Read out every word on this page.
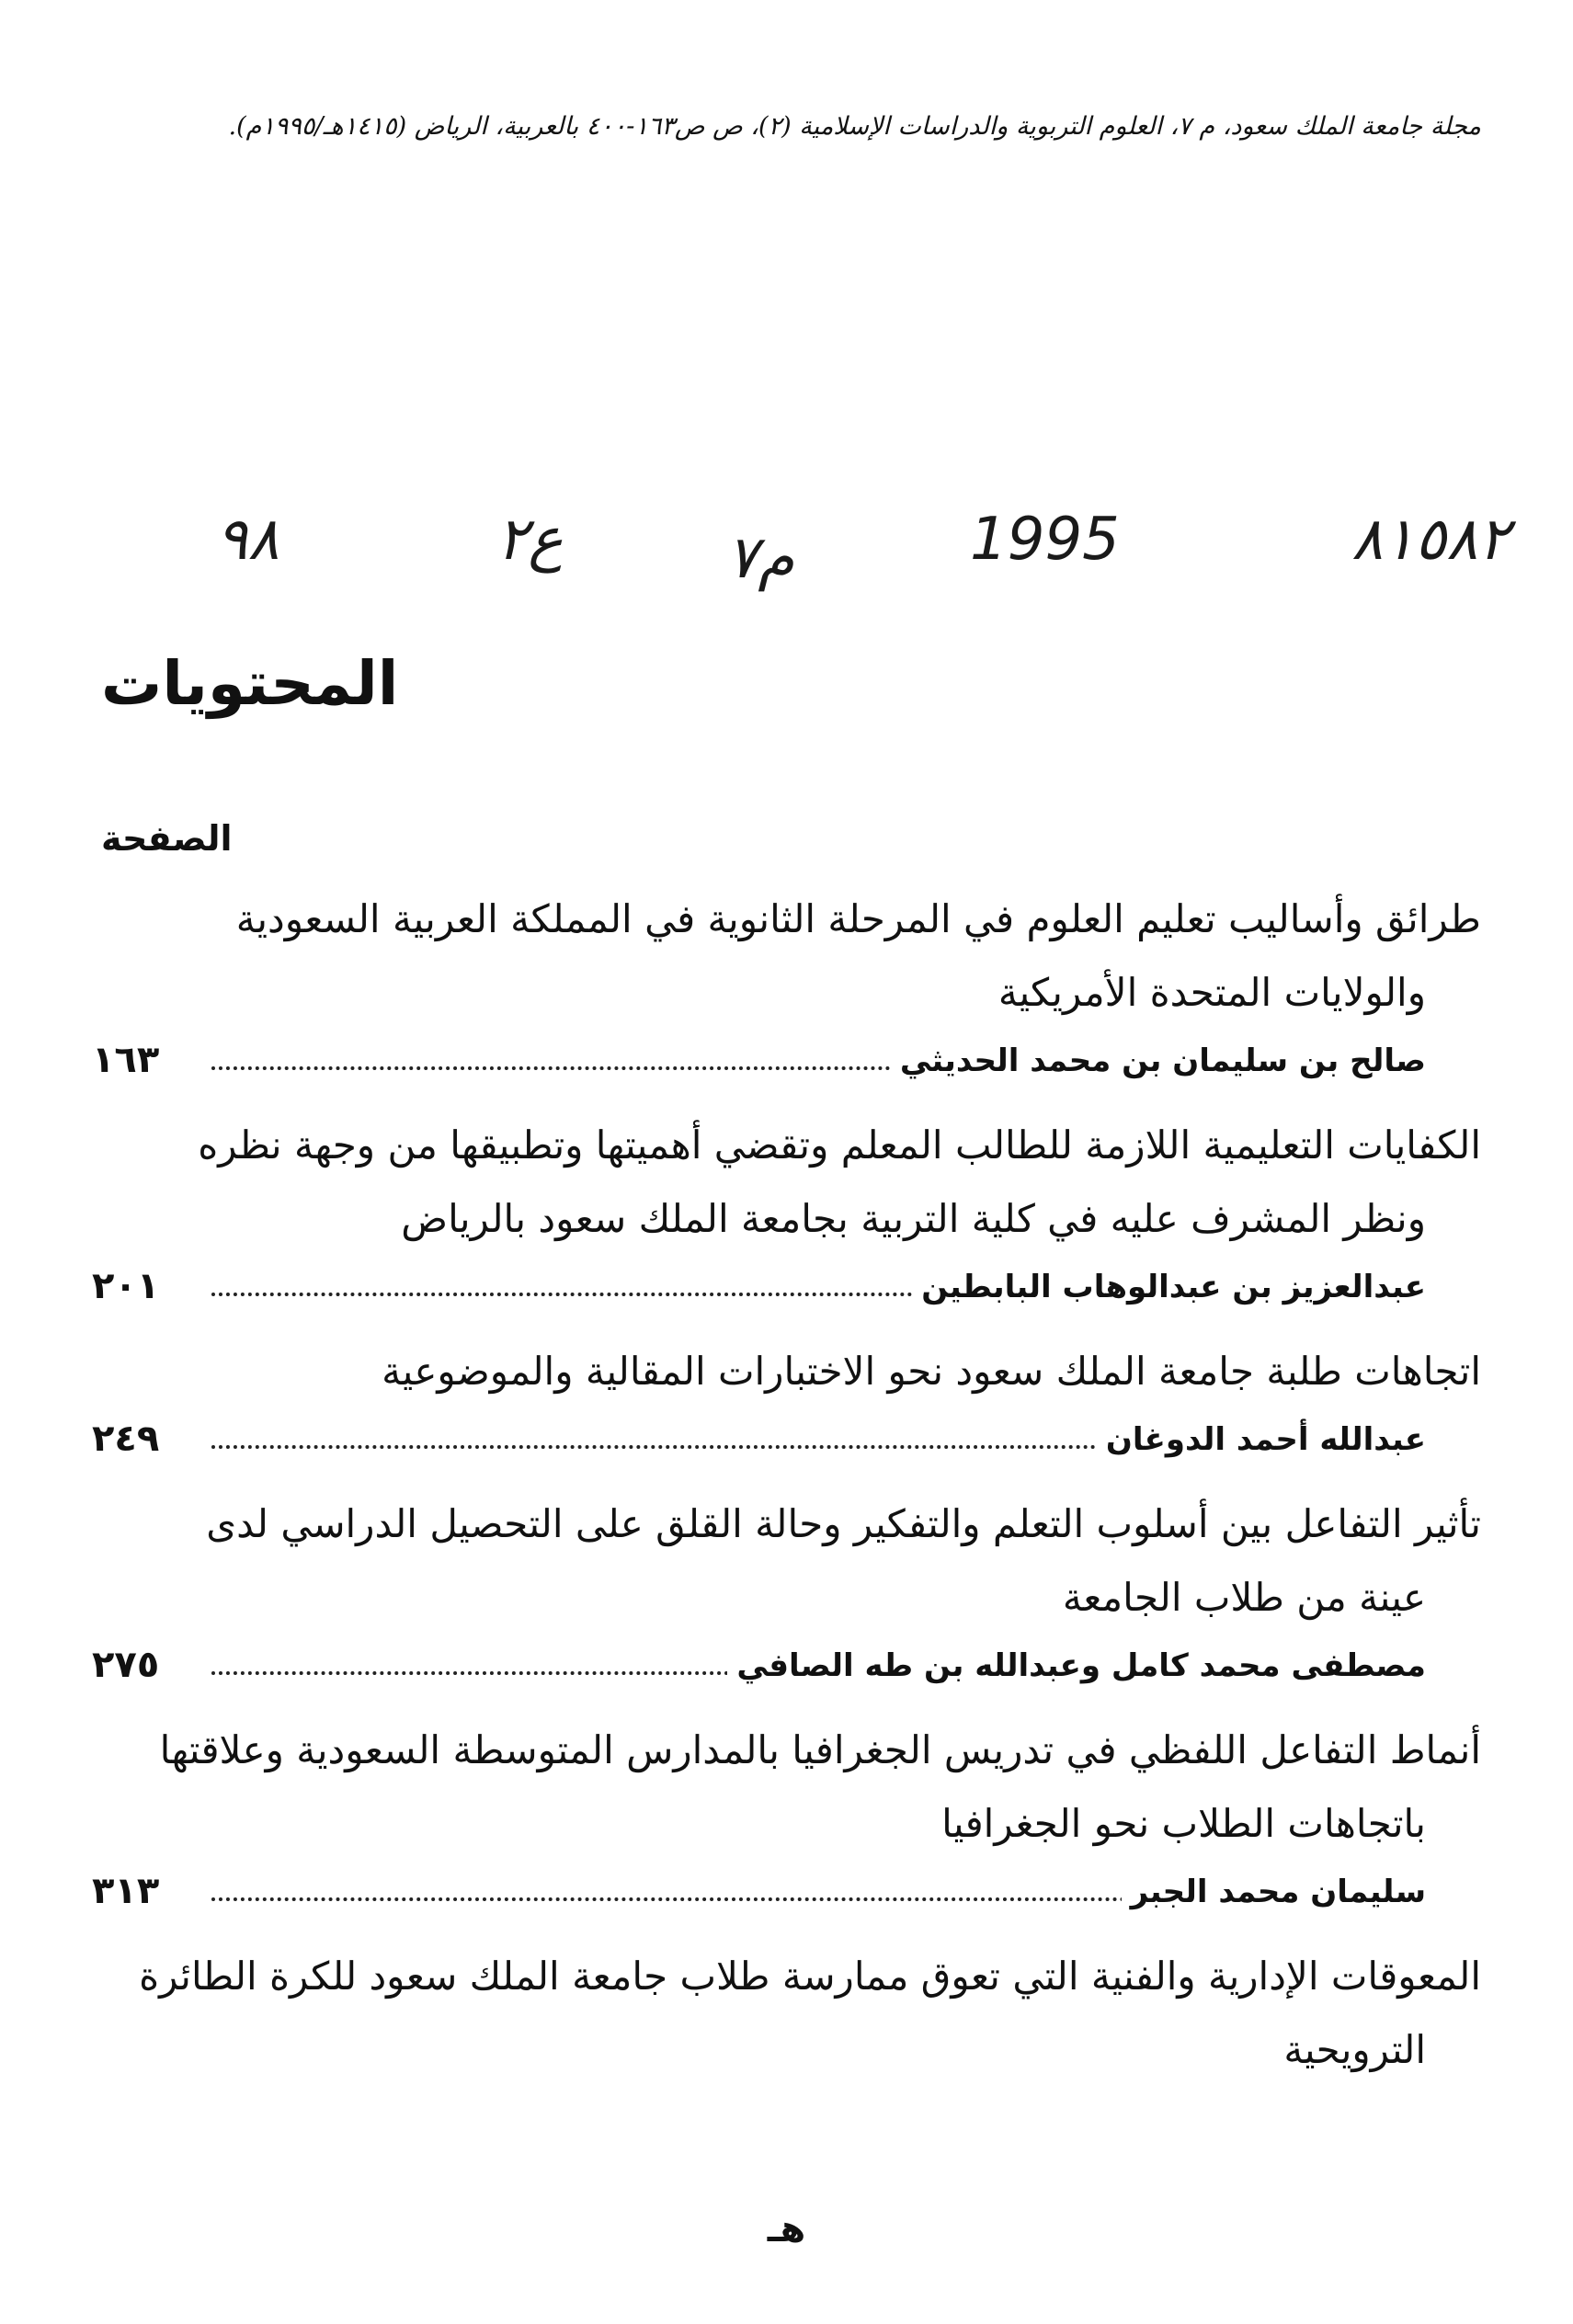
مجلة جامعة الملك سعود، م ٧، العلوم التربوية والدراسات الإسلامية (٢)، ص ص١٦٣-٤٠٠ بالعربية، الرياض (١٤١٥هـ/١٩٩٥م).
٨١٥٨٢
1995
م٧
ع٢
٩٨
المحتويات
الصفحة
طرائق وأساليب تعليم العلوم في المرحلة الثانوية في المملكة العربية السعودية
والولايات المتحدة الأمريكية
صالح بن سليمان بن محمد الحديثي
١٦٣
الكفايات التعليمية اللازمة للطالب المعلم وتقضي أهميتها وتطبيقها من وجهة نظره
ونظر المشرف عليه في كلية التربية بجامعة الملك سعود بالرياض
عبدالعزيز بن عبدالوهاب البابطين
٢٠١
اتجاهات طلبة جامعة الملك سعود نحو الاختبارات المقالية والموضوعية
عبدالله أحمد الدوغان
٢٤٩
تأثير التفاعل بين أسلوب التعلم والتفكير وحالة القلق على التحصيل الدراسي لدى
عينة من طلاب الجامعة
مصطفى محمد كامل وعبدالله بن طه الصافي
٢٧٥
أنماط التفاعل اللفظي في تدريس الجغرافيا بالمدارس المتوسطة السعودية وعلاقتها
باتجاهات الطلاب نحو الجغرافيا
سليمان محمد الجبر
٣١٣
المعوقات الإدارية والفنية التي تعوق ممارسة طلاب جامعة الملك سعود للكرة الطائرة
الترويحية
هـ
